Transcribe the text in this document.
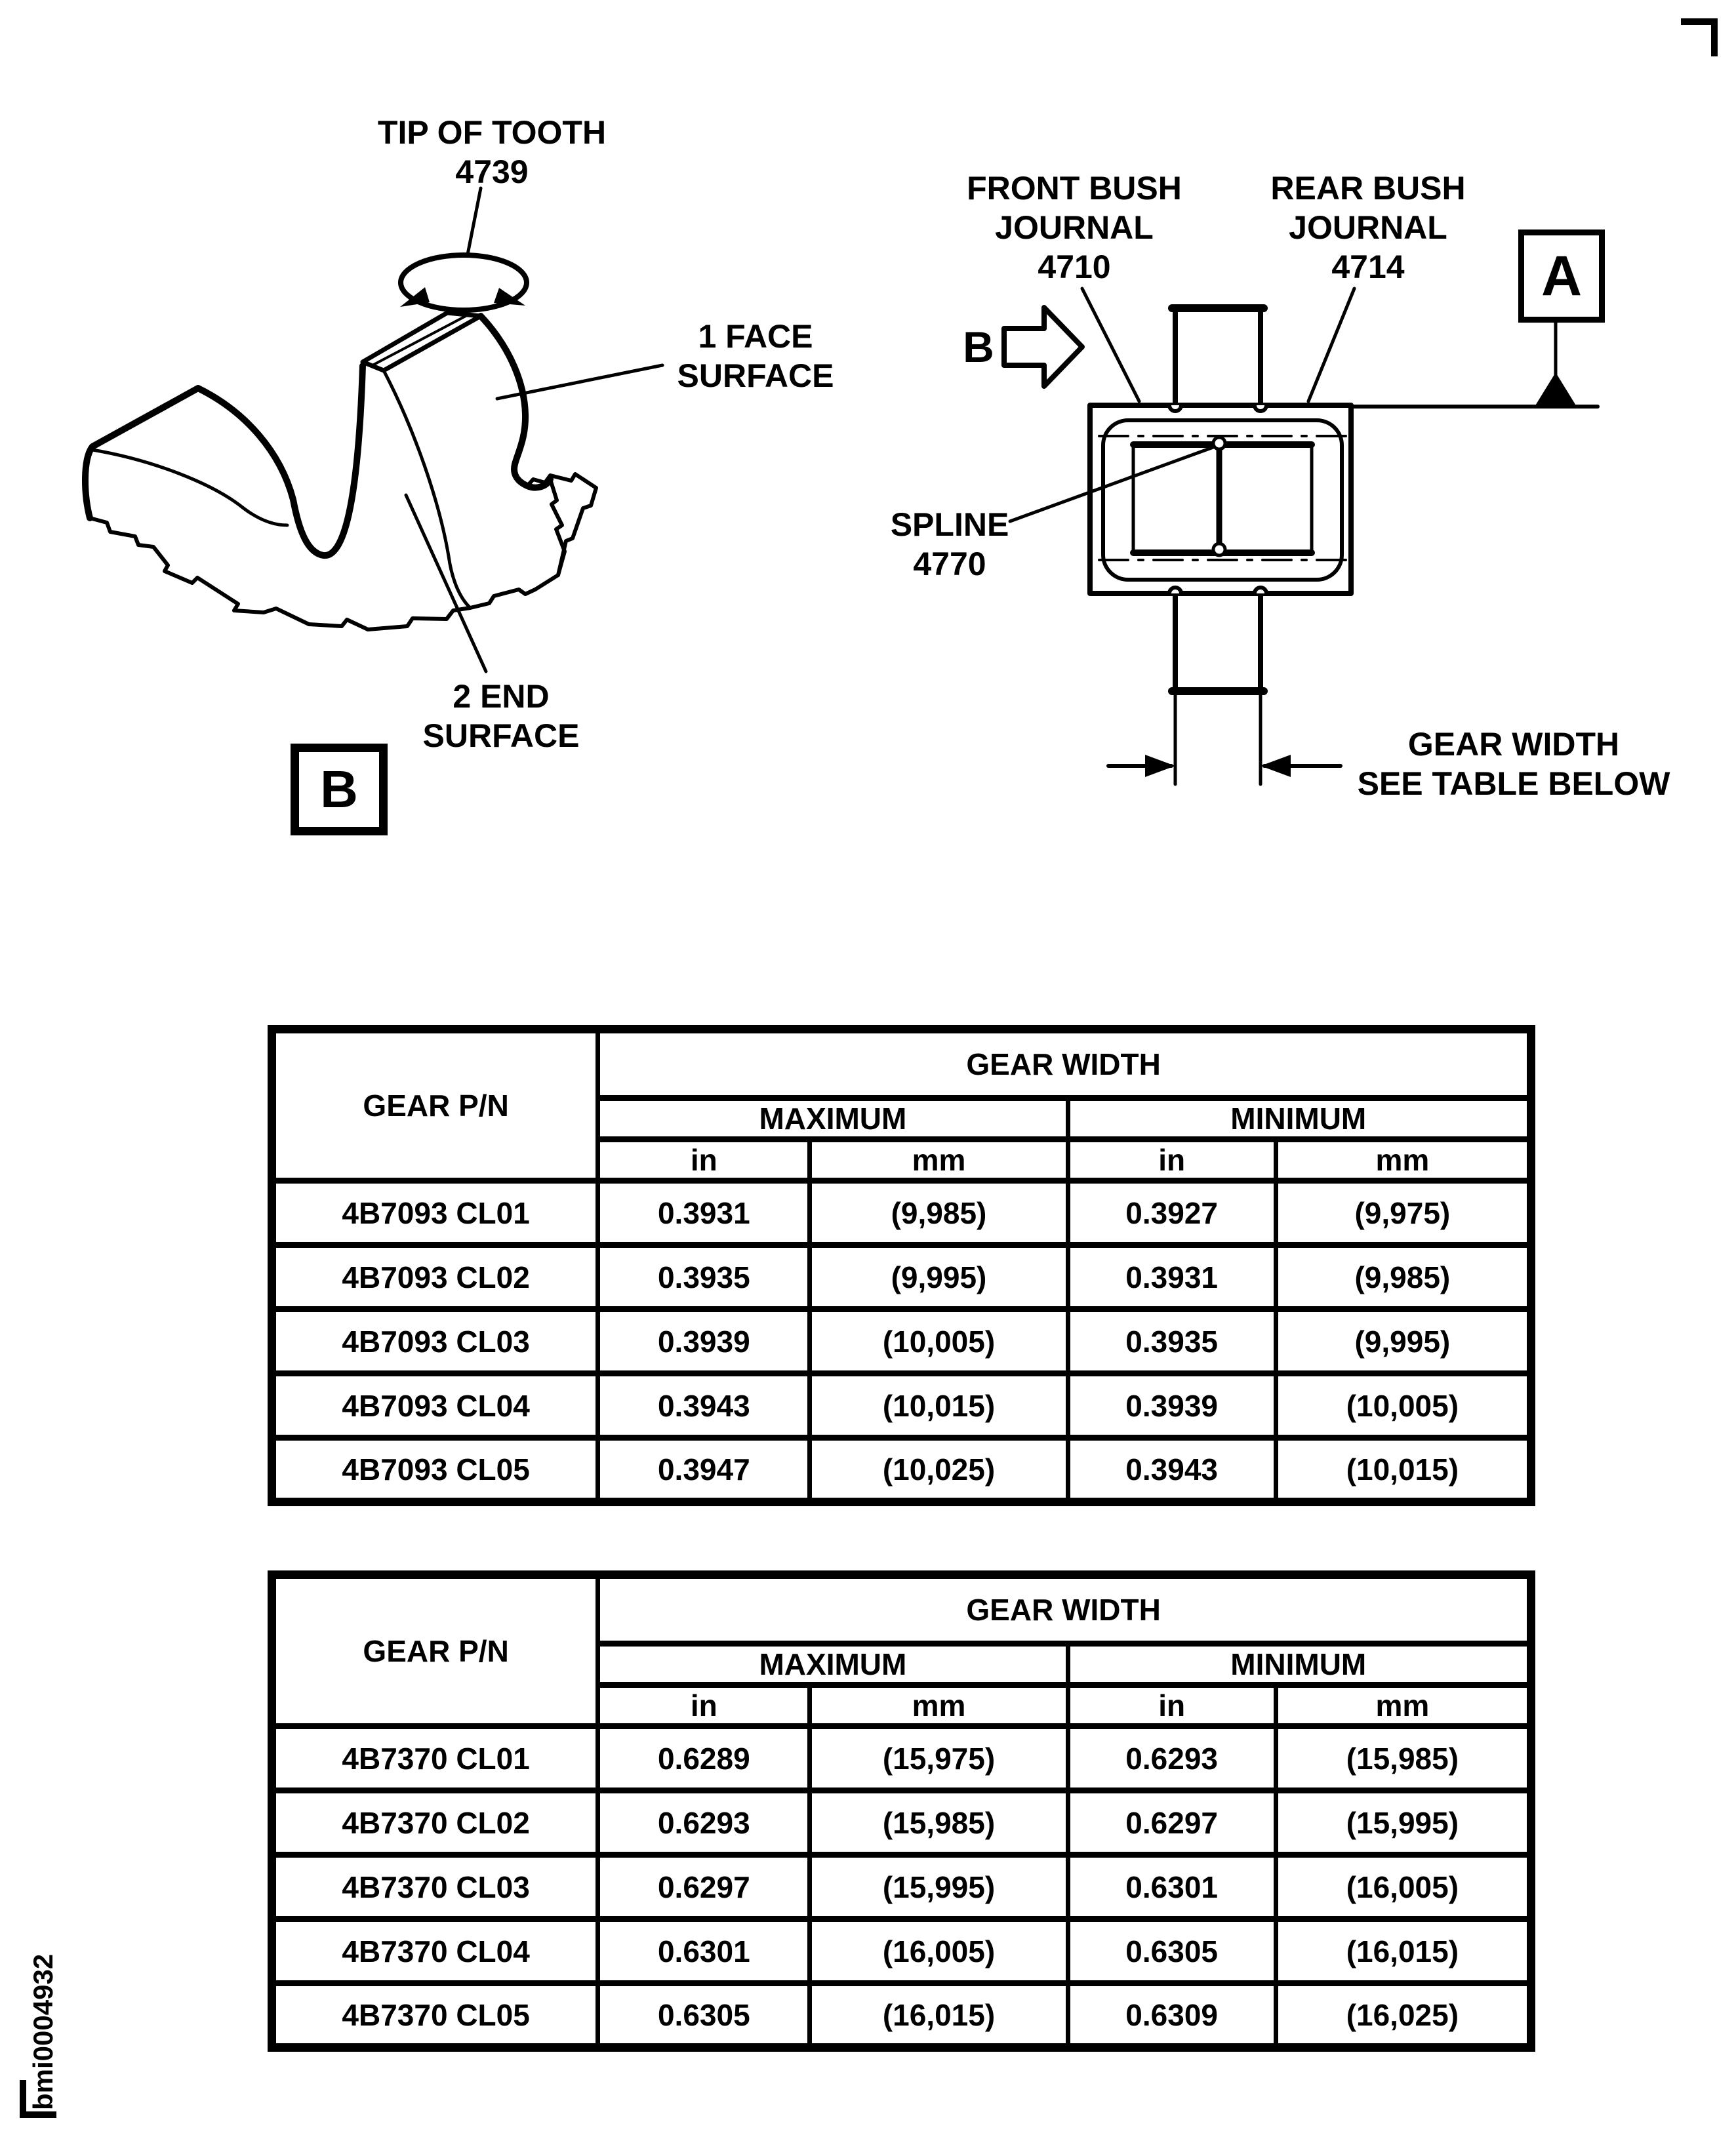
TIP OF TOOTH
4739
1 FACE
SURFACE
2 END
SURFACE
B
FRONT BUSH
JOURNAL
4710
REAR BUSH
JOURNAL
4714
SPLINE
4770
GEAR WIDTH
SEE TABLE BELOW
B
A
GEAR P/N	GEAR WIDTH			
	MAXIMUM		MINIMUM	
	in	mm	in	mm
4B7093 CL01	0.3931	(9,985)	0.3927	(9,975)
4B7093 CL02	0.3935	(9,995)	0.3931	(9,985)
4B7093 CL03	0.3939	(10,005)	0.3935	(9,995)
4B7093 CL04	0.3943	(10,015)	0.3939	(10,005)
4B7093 CL05	0.3947	(10,025)	0.3943	(10,015)
GEAR P/N	GEAR WIDTH			
	MAXIMUM		MINIMUM	
	in	mm	in	mm
4B7370 CL01	0.6289	(15,975)	0.6293	(15,985)
4B7370 CL02	0.6293	(15,985)	0.6297	(15,995)
4B7370 CL03	0.6297	(15,995)	0.6301	(16,005)
4B7370 CL04	0.6301	(16,005)	0.6305	(16,015)
4B7370 CL05	0.6305	(16,015)	0.6309	(16,025)
bmi0004932
